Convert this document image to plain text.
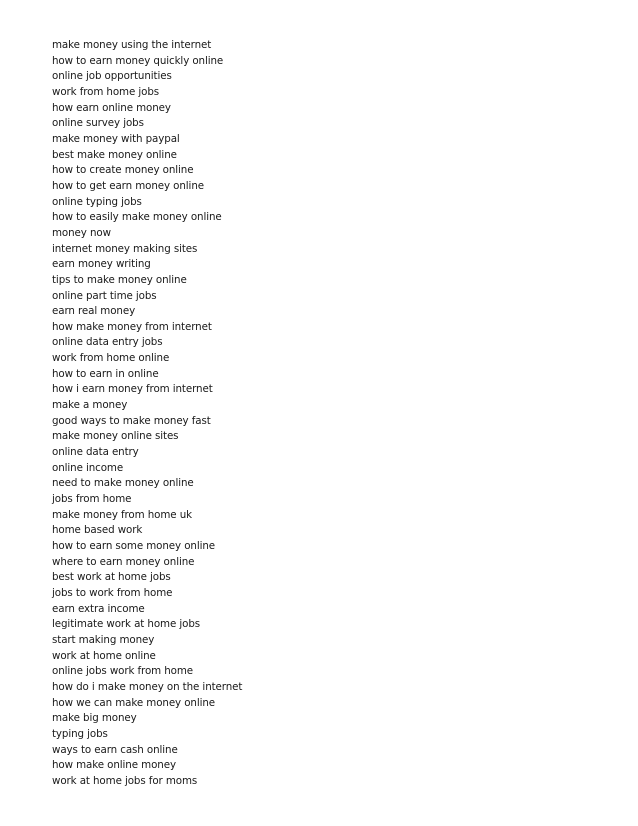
make money using the internet
how to earn money quickly online
online job opportunities
work from home jobs
how earn online money
online survey jobs
make money with paypal
best make money online
how to create money online
how to get earn money online
online typing jobs
how to easily make money online
money now
internet money making sites
earn money writing
tips to make money online
online part time jobs
earn real money
how make money from internet
online data entry jobs
work from home online
how to earn in online
how i earn money from internet
make a money
good ways to make money fast
make money online sites
online data entry
online income
need to make money online
jobs from home
make money from home uk
home based work
how to earn some money online
where to earn money online
best work at home jobs
jobs to work from home
earn extra income
legitimate work at home jobs
start making money
work at home online
online jobs work from home
how do i make money on the internet
how we can make money online
make big money
typing jobs
ways to earn cash online
how make online money
work at home jobs for moms
